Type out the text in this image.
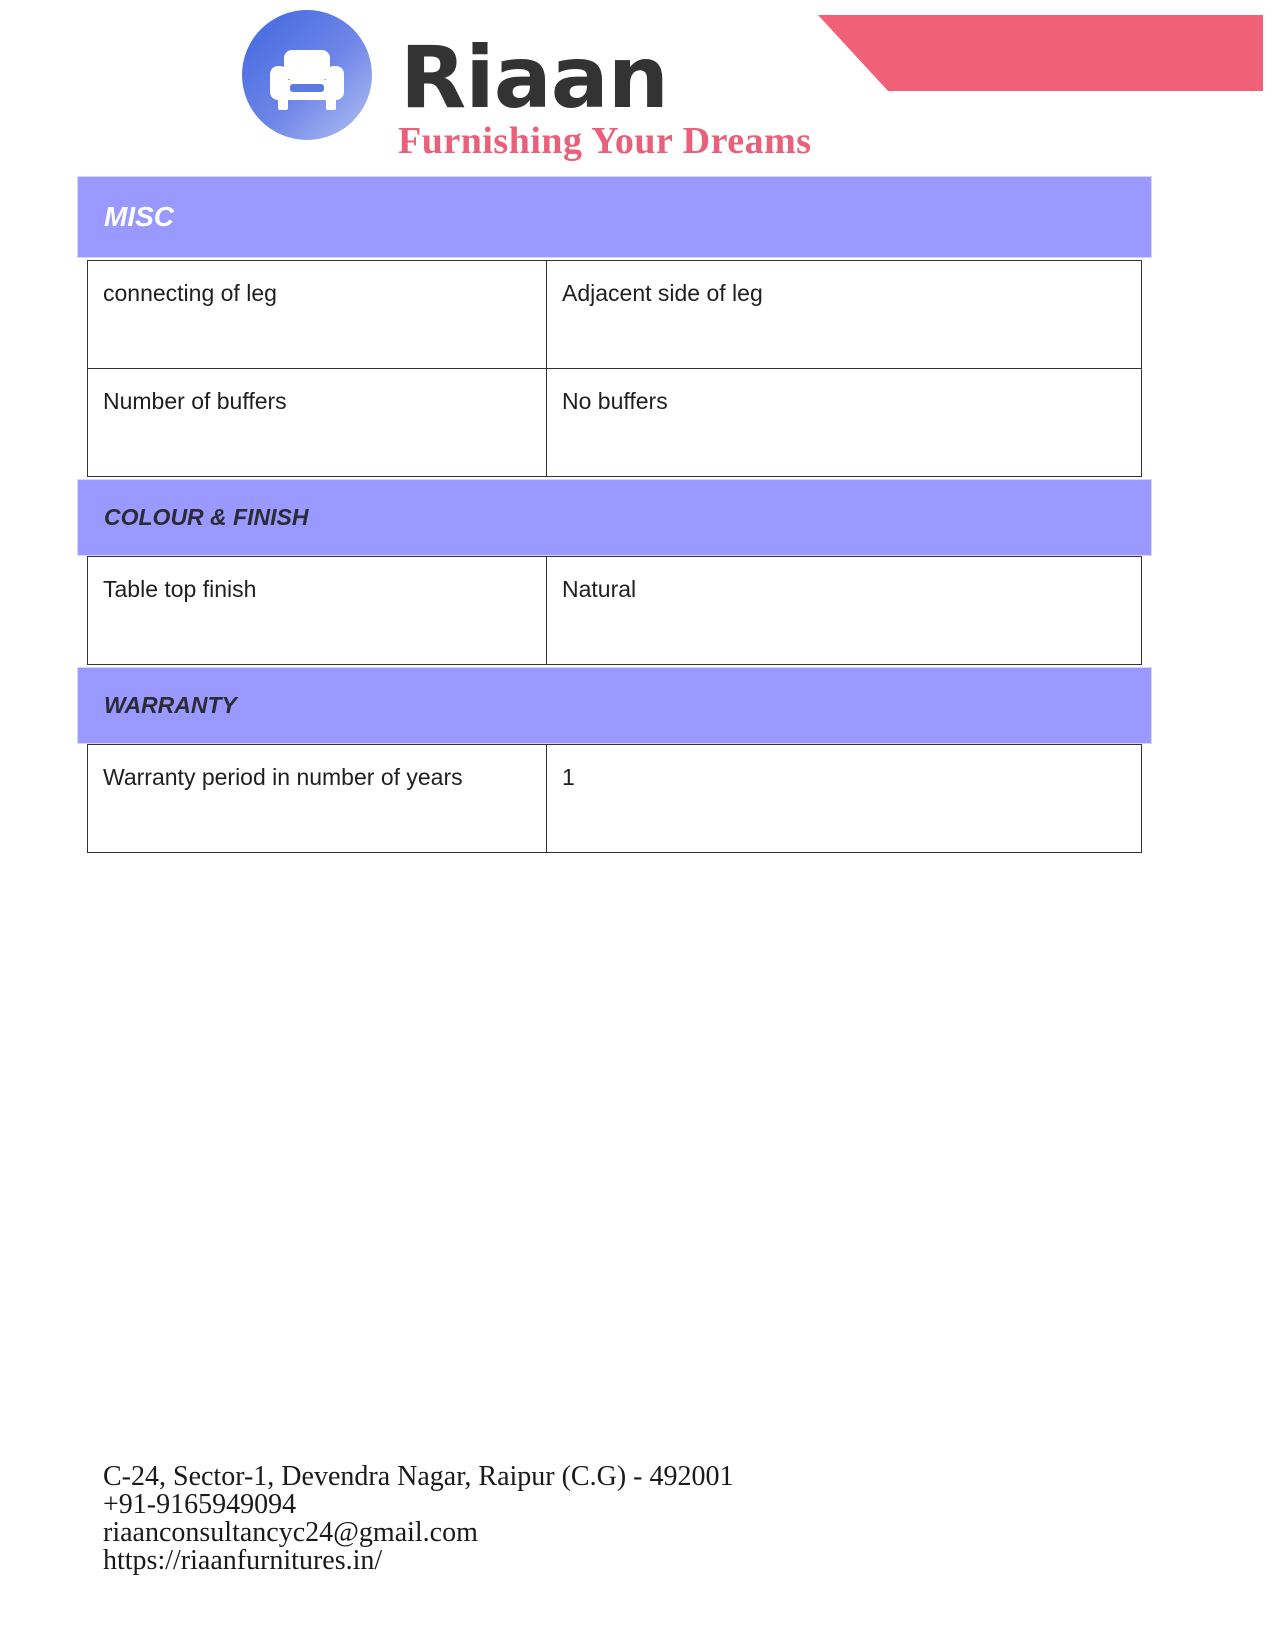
Riaan
Furnishing Your Dreams
MISC
connecting of leg	Adjacent side of leg
Number of buffers	No buffers
COLOUR & FINISH
Table top finish	Natural
WARRANTY
Warranty period in number of years	1
C-24, Sector-1, Devendra Nagar, Raipur (C.G) - 492001
+91-9165949094
riaanconsultancyc24@gmail.com
https://riaanfurnitures.in/
